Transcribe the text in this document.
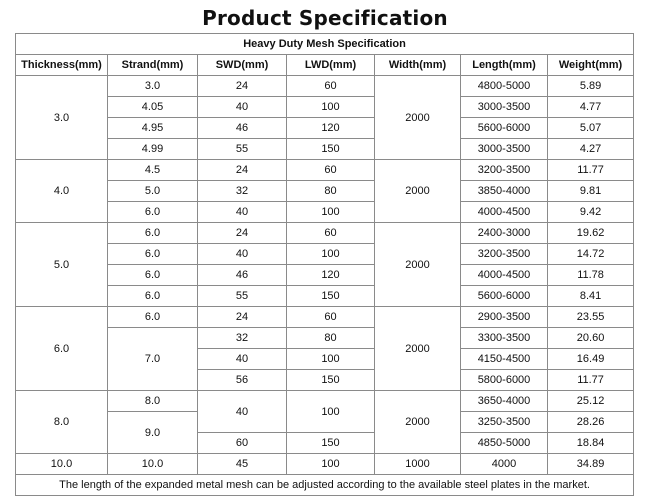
Product Specification
Heavy Duty Mesh Specification						
Thickness(mm)	Strand(mm)	SWD(mm)	LWD(mm)	Width(mm)	Length(mm)	Weight(mm)
3.0	3.0	24	60	2000	4800-5000	5.89
	4.05	40	100		3000-3500	4.77
	4.95	46	120		5600-6000	5.07
	4.99	55	150		3000-3500	4.27
4.0	4.5	24	60	2000	3200-3500	11.77
	5.0	32	80		3850-4000	9.81
	6.0	40	100		4000-4500	9.42
5.0	6.0	24	60	2000	2400-3000	19.62
	6.0	40	100		3200-3500	14.72
	6.0	46	120		4000-4500	11.78
	6.0	55	150		5600-6000	8.41
6.0	6.0	24	60	2000	2900-3500	23.55
	7.0	32	80		3300-3500	20.60
		40	100		4150-4500	16.49
		56	150		5800-6000	11.77
8.0	8.0	40	100	2000	3650-4000	25.12
	9.0				3250-3500	28.26
		60	150		4850-5000	18.84
10.0	10.0	45	100	1000	4000	34.89
The length of the expanded metal mesh can be adjusted according to the available steel plates in the market.						
